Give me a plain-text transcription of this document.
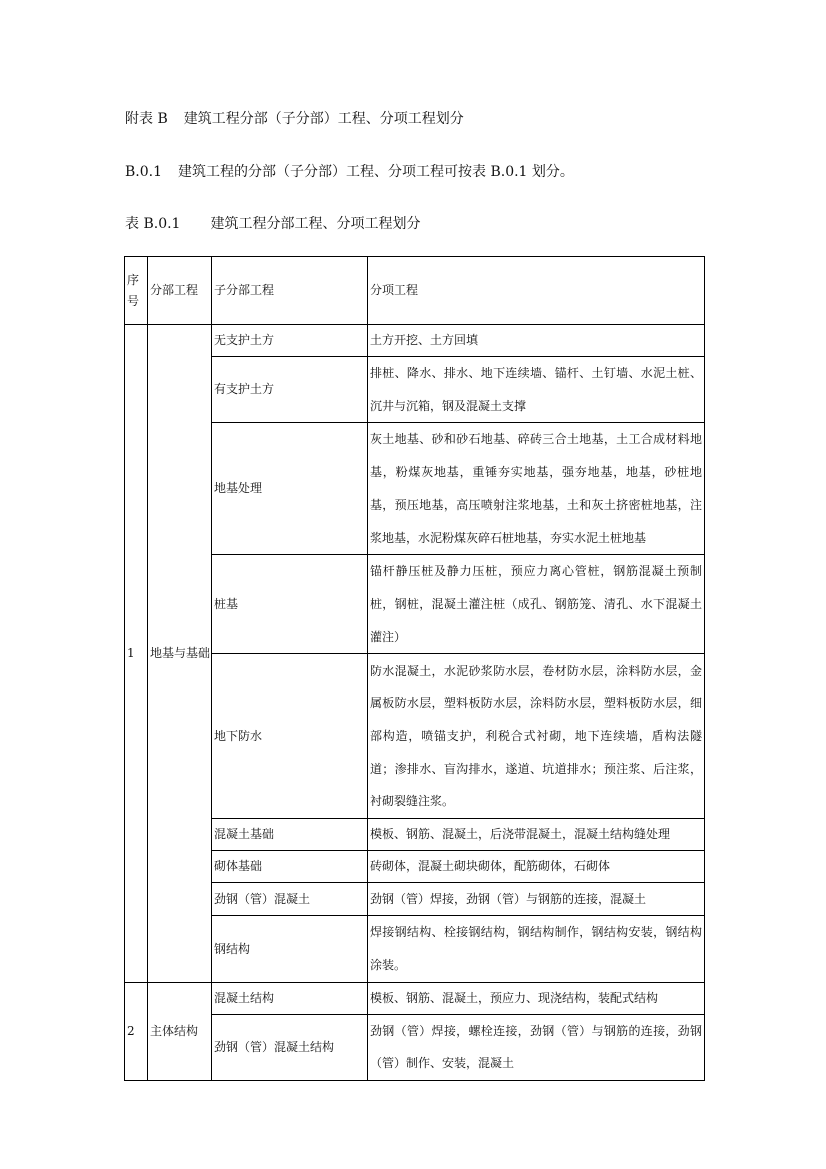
附表 B 建筑工程分部（子分部）工程、分项工程划分
B.0.1 建筑工程的分部（子分部）工程、分项工程可按表 B.0.1 划分。
表 B.0.1 建筑工程分部工程、分项工程划分
序号	分部工程	子分部工程	分项工程
1	地基与基础	无支护土方	土方开挖、土方回填
		有支护土方	排桩、降水、排水、地下连续墙、锚杆、土钉墙、水泥土桩、沉井与沉箱，钢及混凝土支撑
		地基处理	灰土地基、砂和砂石地基、碎砖三合土地基，土工合成材料地基，粉煤灰地基，重锤夯实地基，强夯地基，地基，砂桩地基，预压地基，高压喷射注浆地基，土和灰土挤密桩地基，注浆地基，水泥粉煤灰碎石桩地基，夯实水泥土桩地基
		桩基	锚杆静压桩及静力压桩，预应力离心管桩，钢筋混凝土预制桩，钢桩，混凝土灌注桩（成孔、钢筋笼、清孔、水下混凝土灌注）
		地下防水	防水混凝土，水泥砂浆防水层，卷材防水层，涂料防水层，金属板防水层，塑料板防水层，涂料防水层，塑料板防水层，细部构造，喷锚支护，利税合式衬砌，地下连续墙，盾构法隧道；渗排水、盲沟排水，遂道、坑道排水；预注浆、后注浆，衬砌裂缝注浆。
		混凝土基础	模板、钢筋、混凝土，后浇带混凝土，混凝土结构缝处理
		砌体基础	砖砌体，混凝土砌块砌体，配筋砌体，石砌体
		劲钢（管）混凝土	劲钢（管）焊接，劲钢（管）与钢筋的连接，混凝土
		钢结构	焊接钢结构、栓接钢结构，钢结构制作，钢结构安装，钢结构涂装。
2	主体结构	混凝土结构	模板、钢筋、混凝土，预应力、现浇结构，装配式结构
		劲钢（管）混凝土结构	劲钢（管）焊接，螺栓连接，劲钢（管）与钢筋的连接，劲钢（管）制作、安装，混凝土
